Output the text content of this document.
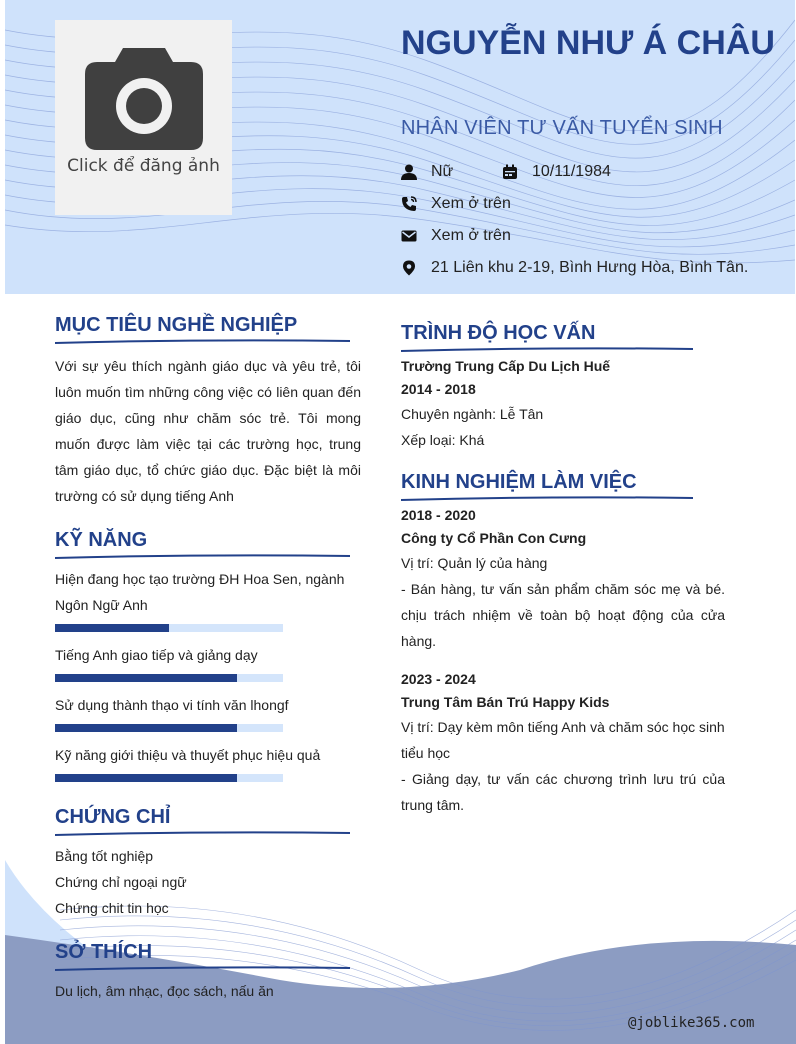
Click để đăng ảnh
NGUYỄN NHƯ Á CHÂU
NHÂN VIÊN TƯ VẤN TUYỂN SINH
Nữ	10/11/1984
Xem ở trên
Xem ở trên
21 Liên khu 2-19, Bình Hưng Hòa, Bình Tân.
@joblike365.com
MỤC TIÊU NGHỀ NGHIỆP
Với sự yêu thích ngành giáo dục và yêu trẻ, tôi luôn muốn tìm những công việc có liên quan đến giáo dục, cũng như chăm sóc trẻ. Tôi mong muốn được làm việc tại các trường học, trung tâm giáo dục, tổ chức giáo dục. Đặc biệt là môi trường có sử dụng tiếng Anh
KỸ NĂNG
Hiện đang học tạo trường ĐH Hoa Sen, ngành Ngôn Ngữ Anh
Tiếng Anh giao tiếp và giảng dạy
Sử dụng thành thạo vi tính văn lhongf
Kỹ năng giới thiệu và thuyết phục hiệu quả
CHỨNG CHỈ
Bằng tốt nghiệp
Chứng chỉ ngoại ngữ
Chứng chit tin học
SỞ THÍCH
Du lịch, âm nhạc, đọc sách, nấu ăn
TRÌNH ĐỘ HỌC VẤN
Trường Trung Cấp Du Lịch Huế
2014 - 2018
Chuyên ngành: Lễ Tân
Xếp loại: Khá
KINH NGHIỆM LÀM VIỆC
2018 - 2020
Công ty Cổ Phần Con Cưng
Vị trí: Quản lý của hàng
- Bán hàng, tư vấn sản phẩm chăm sóc mẹ và bé. chịu trách nhiệm về toàn bộ hoạt động của cửa hàng.
2023 - 2024
Trung Tâm Bán Trú Happy Kids
Vị trí: Dạy kèm môn tiếng Anh và chăm sóc học sinh tiểu học
- Giảng dạy, tư vấn các chương trình lưu trú của trung tâm.
